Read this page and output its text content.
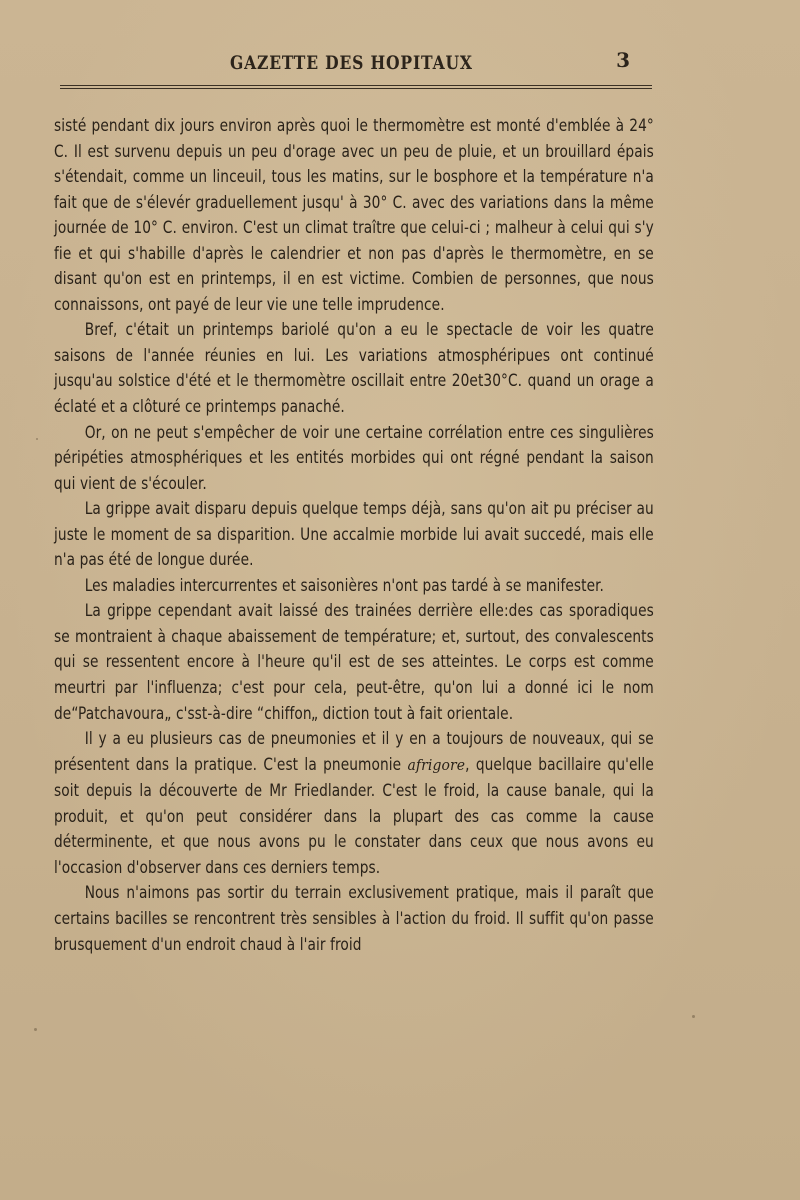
GAZETTE DES HOPITAUX	3

sisté pendant dix jours environ après quoi le thermomètre est monté d'emblée à 24° C. Il est survenu depuis un peu d'orage avec un peu de pluie, et un brouillard épais s'étendait, comme un linceuil, tous les matins, sur le bosphore et la température n'a fait que de s'élevér graduellement jusqu' à 30° C. avec des variations dans la même journée de 10° C. environ. C'est un climat traître que celui-ci ; malheur à celui qui s'y fie et qui s'habille d'après le calendrier et non pas d'après le thermomètre, en se disant qu'on est en printemps, il en est victime. Combien de personnes, que nous connaissons, ont payé de leur vie une telle imprudence.

Bref, c'était un printemps bariolé qu'on a eu le spectacle de voir les quatre saisons de l'année réunies en lui. Les variations atmosphéripues ont continué jusqu'au solstice d'été et le thermomètre oscillait entre 20et30°C. quand un orage a éclaté et a clôturé ce printemps panaché.

Or, on ne peut s'empêcher de voir une certaine corrélation entre ces singulières péripéties atmosphériques et les entités morbides qui ont régné pendant la saison qui vient de s'écouler.

La grippe avait disparu depuis quelque temps déjà, sans qu'on ait pu préciser au juste le moment de sa disparition. Une accalmie morbide lui avait succedé, mais elle n'a pas été de longue durée.

Les maladies intercurrentes et saisonières n'ont pas tardé à se manifester.

La grippe cependant avait laissé des trainées derrière elle:des cas sporadiques se montraient à chaque abaissement de température; et, surtout, des convalescents qui se ressentent encore à l'heure qu'il est de ses atteintes. Le corps est comme meurtri par l'influenza; c'est pour cela, peut-être, qu'on lui a donné ici le nom de“Patchavoura„ c'sst-à-dire “chiffon„ diction tout à fait orientale.

Il y a eu plusieurs cas de pneumonies et il y en a toujours de nouveaux, qui se présentent dans la pratique. C'est la pneumonie afrigore, quelque bacillaire qu'elle soit depuis la découverte de Mr Friedlander. C'est le froid, la cause banale, qui la produit, et qu'on peut considérer dans la plupart des cas comme la cause déterminente, et que nous avons pu le constater dans ceux que nous avons eu l'occasion d'observer dans ces derniers temps.

Nous n'aimons pas sortir du terrain exclusivement pratique, mais il paraît que certains bacilles se rencontrent très sensibles à l'action du froid. Il suffit qu'on passe brusquement d'un endroit chaud à l'air froid
